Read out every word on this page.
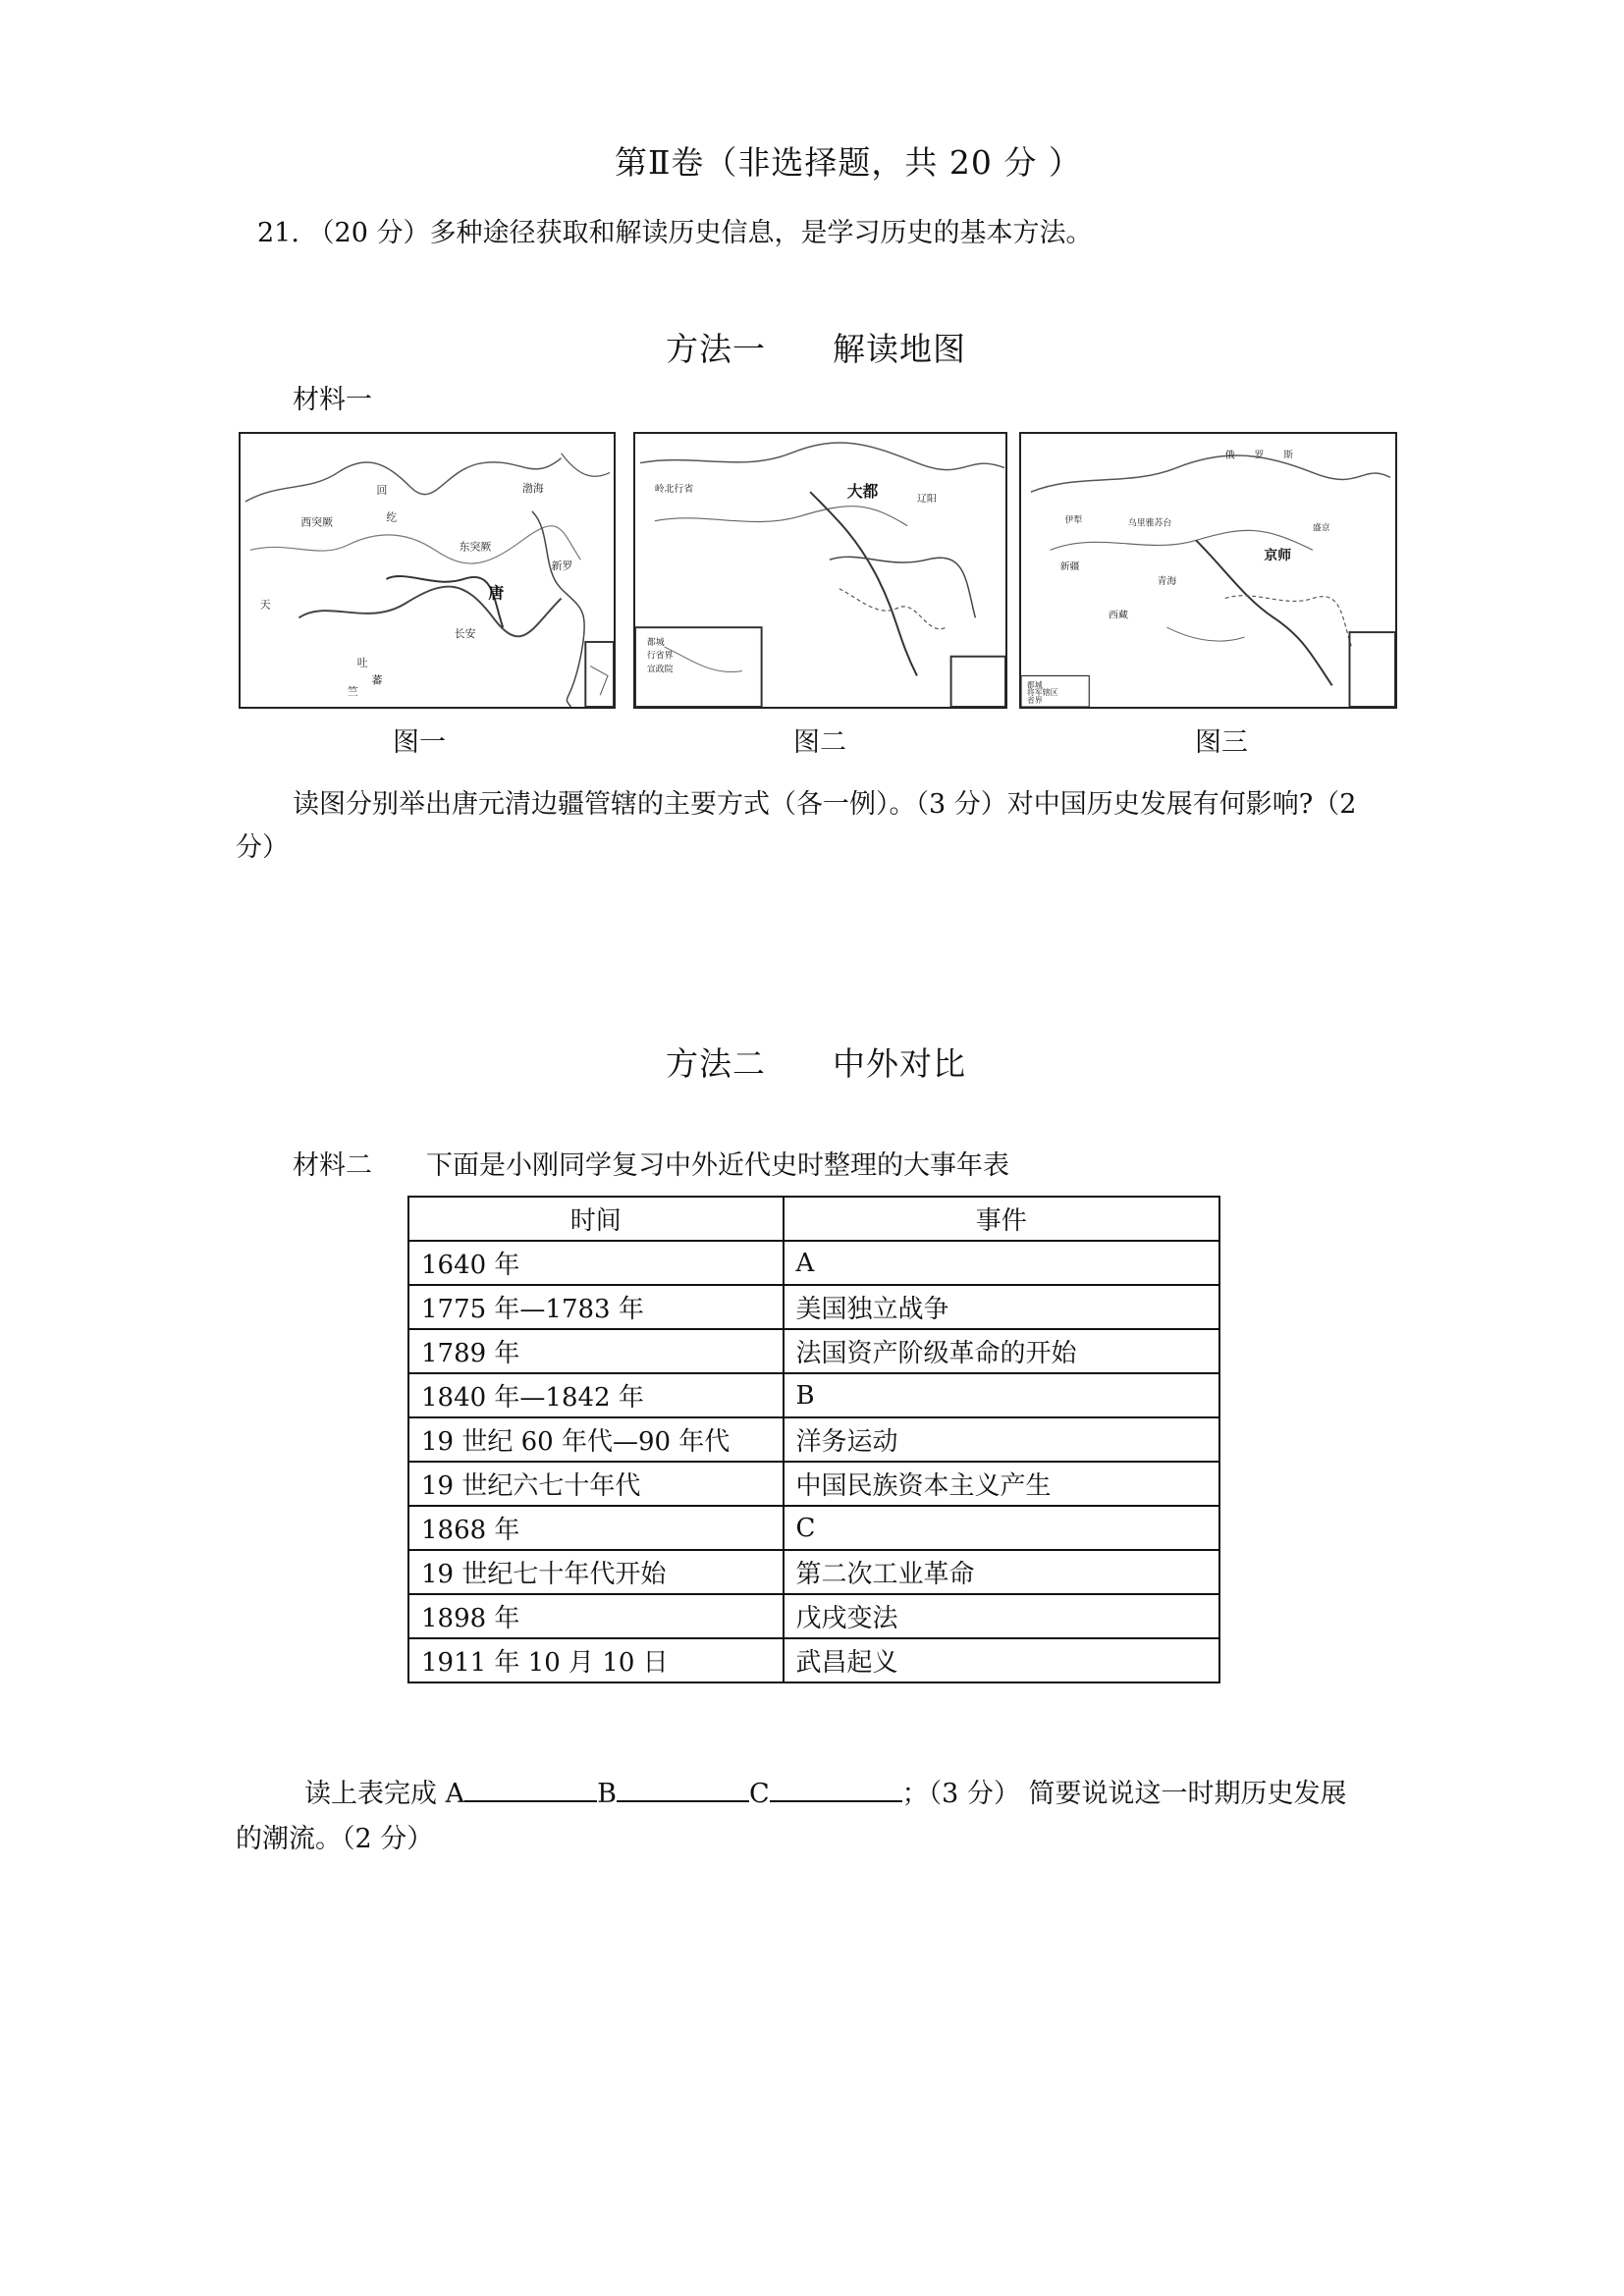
第Ⅱ卷（非选择题，共 20 分 ）
21. （20 分）多种途径获取和解读历史信息，是学习历史的基本方法。
方法一　　解读地图
材料一
回
纥
西突厥
东突厥
唐
长安
吐
蕃
天
竺
新罗
渤海	大都
岭北行省
辽阳
都城
行省界
宣政院
俄 罗 斯
京师
伊犁	乌里雅苏台	盛京
西藏
青海
新疆
都城
将军辖区
省界
图一	图二	图三
读图分别举出唐元清边疆管辖的主要方式（各一例）。（3 分）对中国历史发展有何影响?（2
分）
方法二　　中外对比
材料二 下面是小刚同学复习中外近代史时整理的大事年表
时间	事件
1640 年	A
1775 年—1783 年	美国独立战争
1789 年	法国资产阶级革命的开始
1840 年—1842 年	B
19 世纪 60 年代—90 年代	洋务运动
19 世纪六七十年代	中国民族资本主义产生
1868 年	C
19 世纪七十年代开始	第二次工业革命
1898 年	戊戌变法
1911 年 10 月 10 日	武昌起义
读上表完成 A	B	C	；（3 分） 简要说说这一时期历史发展
的潮流。（2 分）
